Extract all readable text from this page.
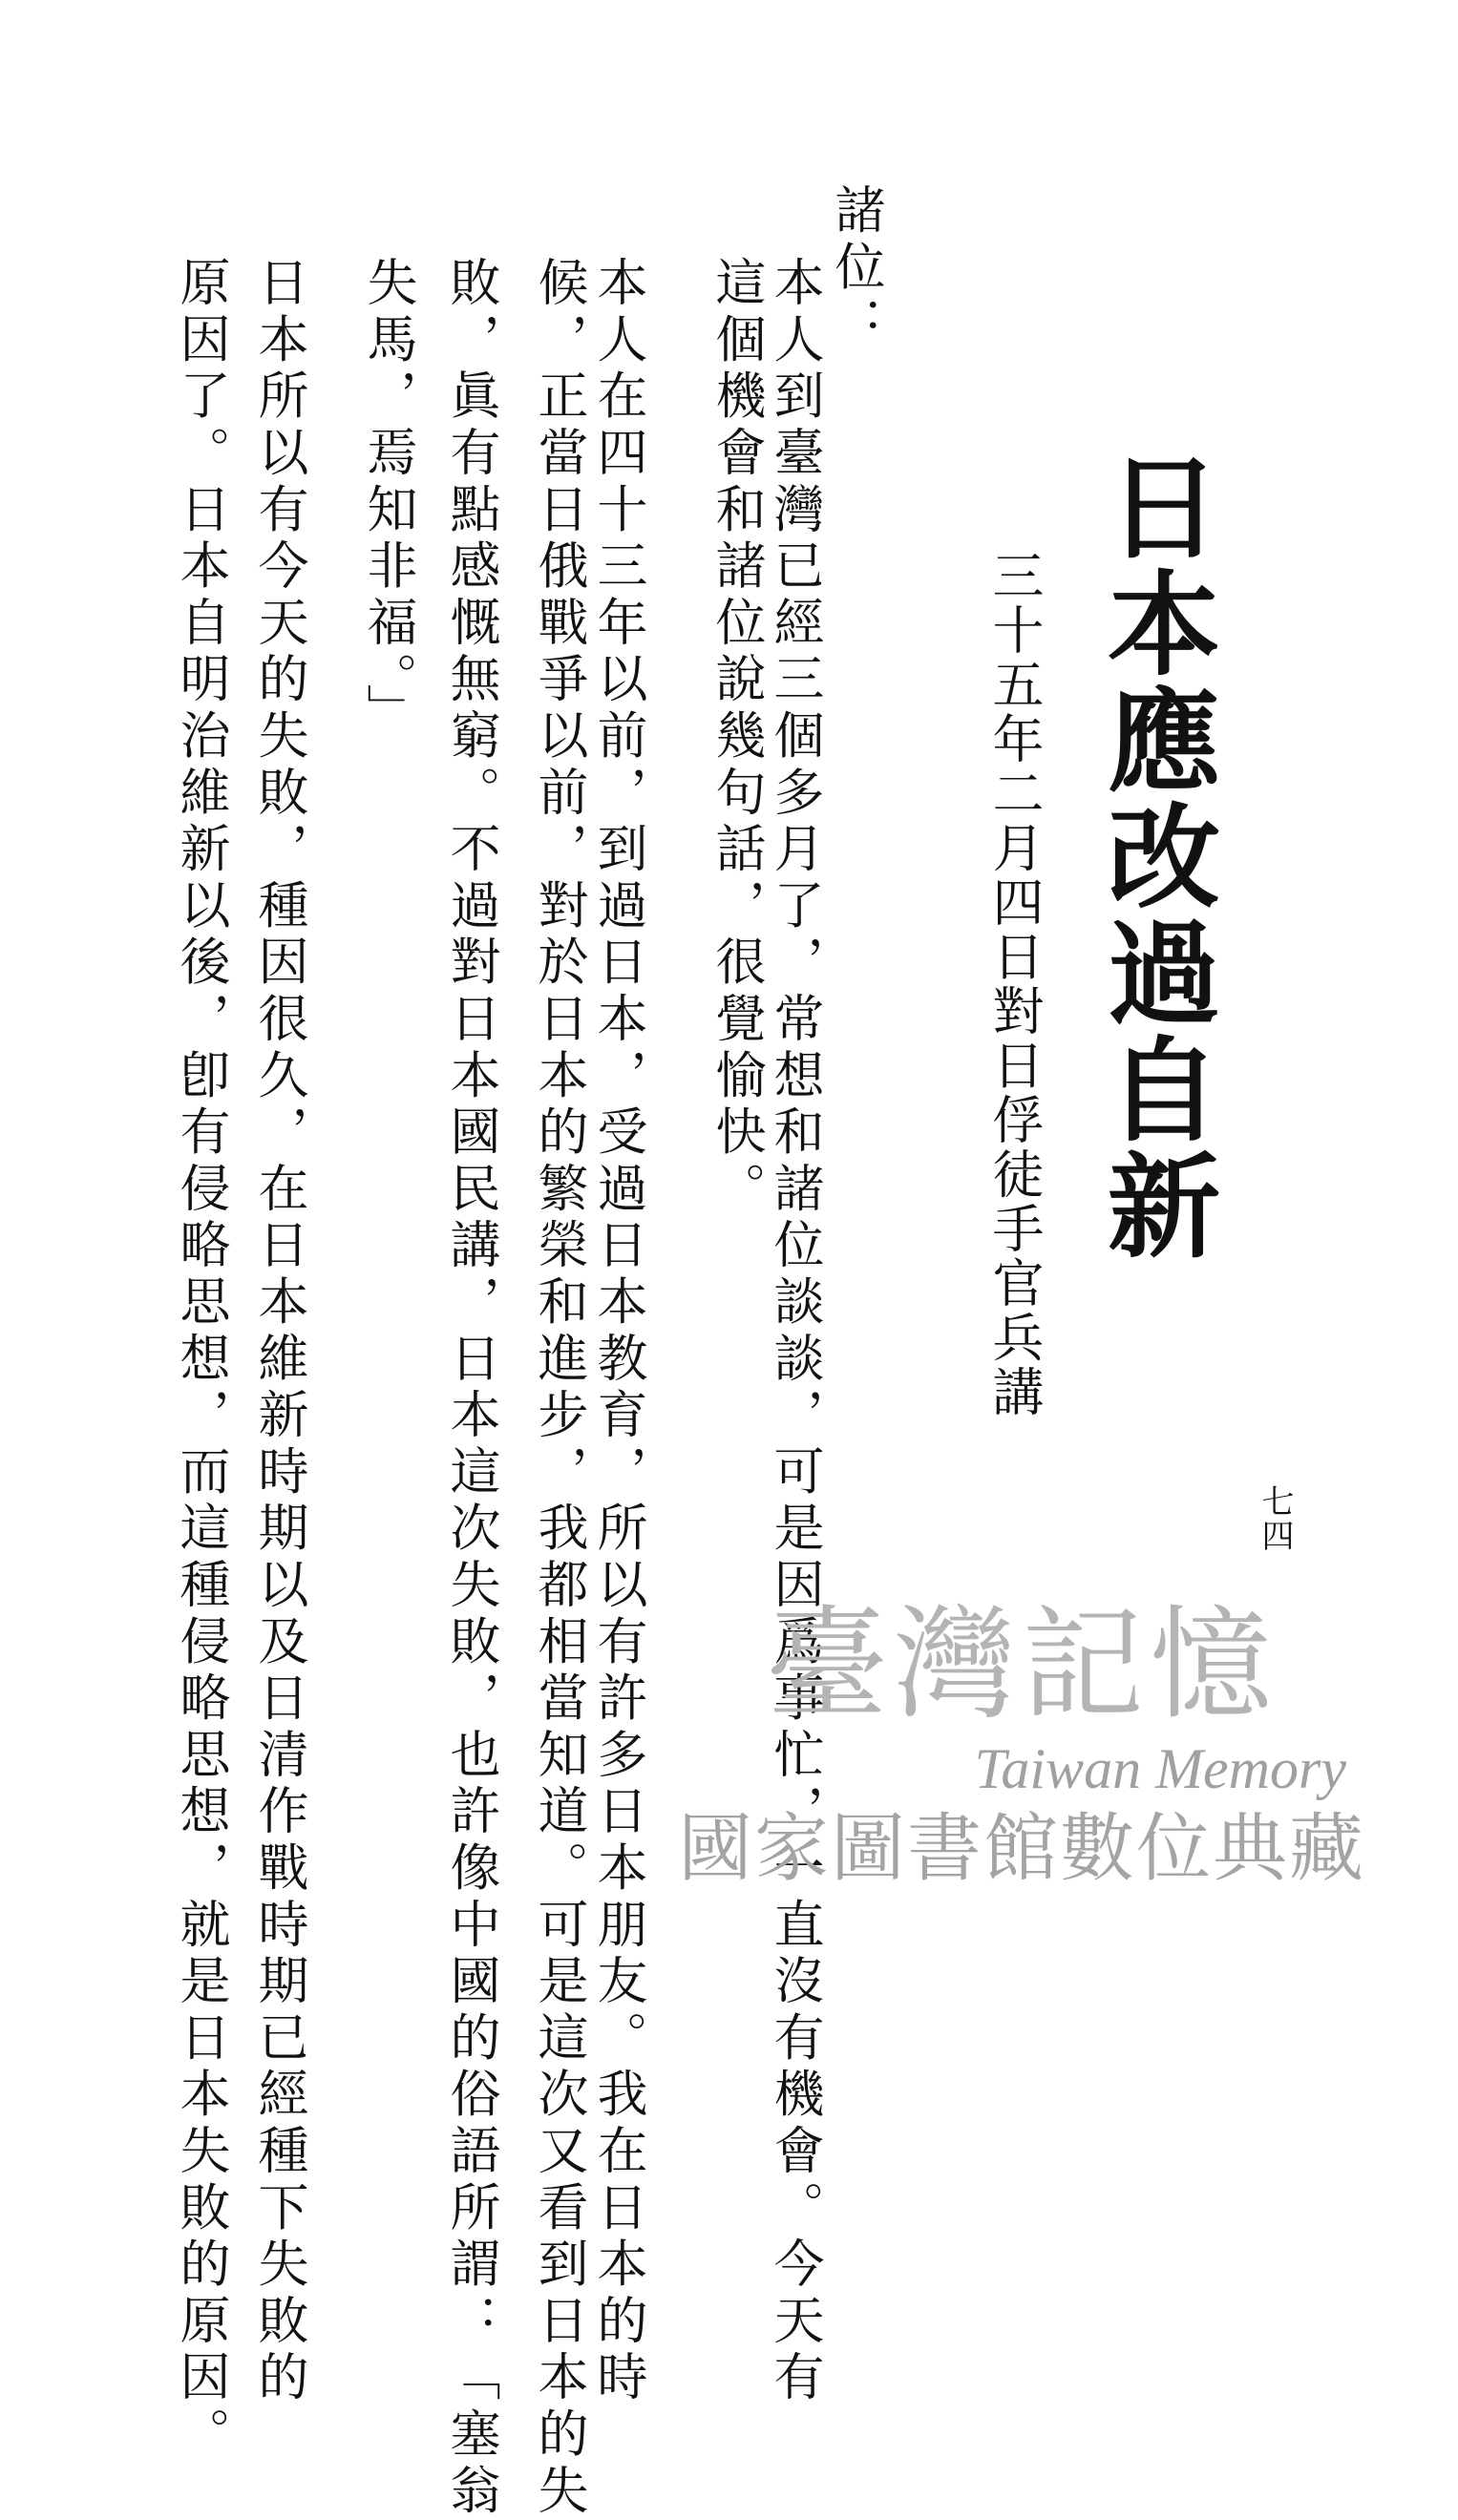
日本應改過自新
三十五年二月四日對日俘徒手官兵講
七四
諸位：
本人到臺灣已經三個多月了，常想和諸位談談，可是因爲事忙，一直沒有機會。今天有
這個機會和諸位說幾句話，很覺愉快。
本人在四十三年以前，到過日本，受過日本教育，所以有許多日本朋友。我在日本的時
候，正當日俄戰爭以前，對於日本的繁榮和進步，我都相當知道。可是這次又看到日本的失
敗，眞有點感慨無窮。不過對日本國民講，日本這次失敗，也許像中國的俗語所謂：「塞翁
失馬，焉知非福。」
日本所以有今天的失敗，種因很久，在日本維新時期以及日清作戰時期已經種下失敗的
原因了。日本自明治維新以後，卽有侵略思想，而這種侵略思想，就是日本失敗的原因。	臺灣記憶
Taiwan Memory
國家圖書館數位典藏
